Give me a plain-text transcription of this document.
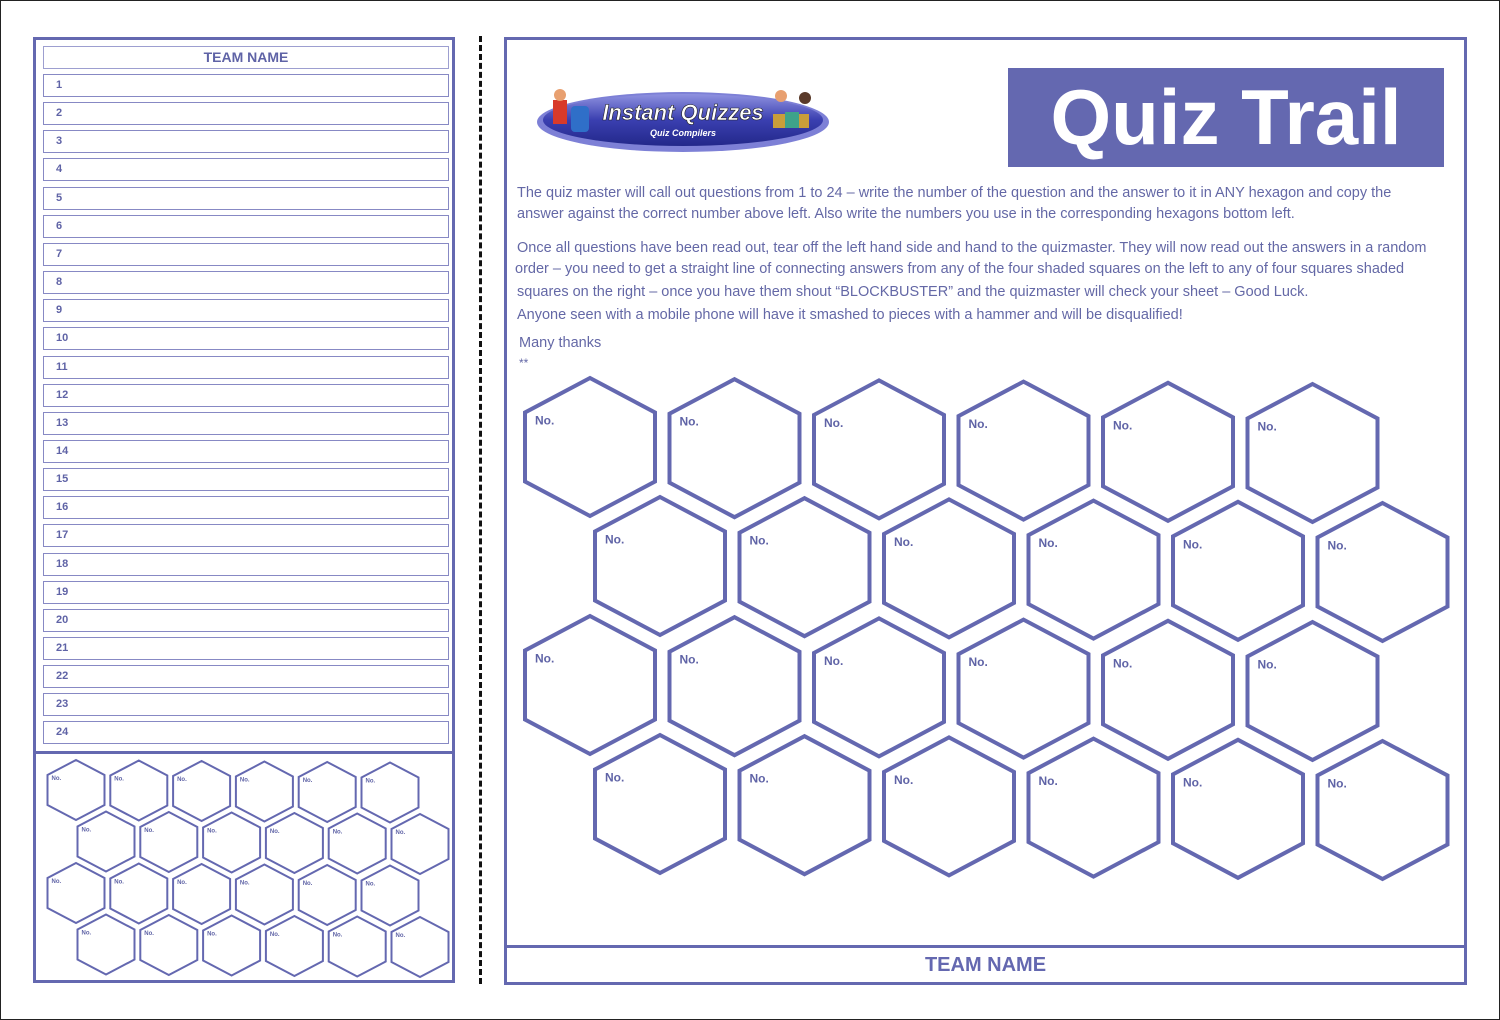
TEAM NAME
1
2
3
4
5
6
7
8
9
10
11
12
13
14
15
16
17
18
19
20
21
22
23
24
No.	No.	No.	No.	No.	No.
No.	No.	No.	No.	No.	No.
No.	No.	No.	No.	No.	No.
No.	No.	No.	No.	No.	No.
Instant Quizzes
Quiz Compilers	Quiz Trail
The quiz master will call out questions from 1 to 24 – write the number of the question and the answer to it in ANY hexagon and copy the
answer against the correct number above left. Also write the numbers you use in the corresponding hexagons bottom left.
Once all questions have been read out, tear off the left hand side and hand to the quizmaster. They will now read out the answers in a random
order – you need to get a straight line of connecting answers from any of the four shaded squares on the left to any of four squares shaded
squares on the right – once you have them shout “BLOCKBUSTER” and the quizmaster will check your sheet – Good Luck.
Anyone seen with a mobile phone will have it smashed to pieces with a hammer and will be disqualified!
Many thanks
**
No.	No.	No.	No.	No.	No.
No.	No.	No.	No.	No.	No.
No.	No.	No.	No.	No.	No.
No.	No.	No.	No.	No.	No.
TEAM NAME
